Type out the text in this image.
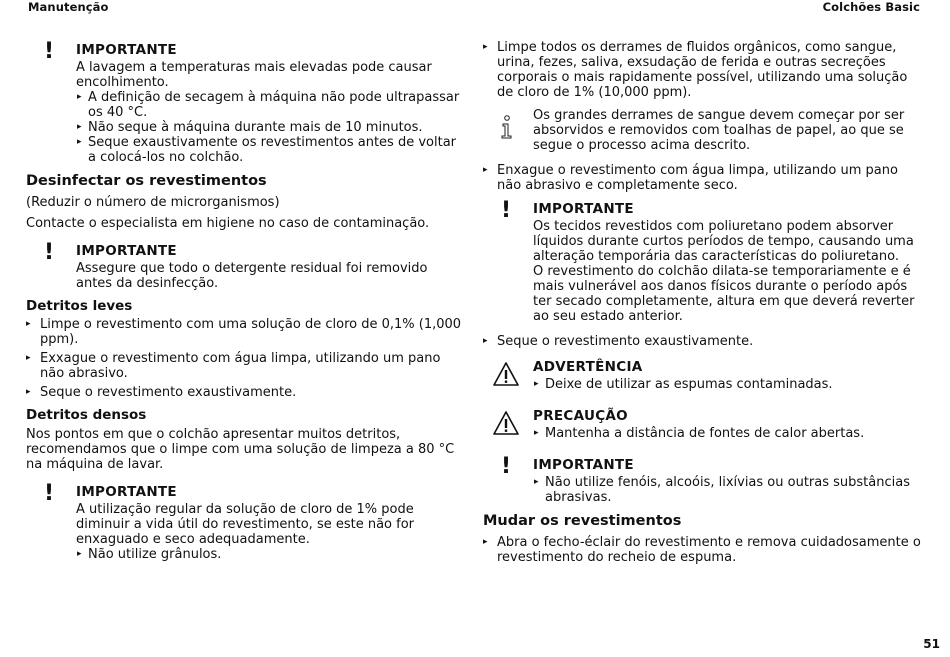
Manutenção	Colchões Basic
! IMPORTANTE
A lavagem a temperaturas mais elevadas pode causar encolhimento.
▸ A definição de secagem à máquina não pode ultrapassar os 40 °C.
▸ Não seque à máquina durante mais de 10 minutos.
▸ Seque exaustivamente os revestimentos antes de voltar a colocá-los no colchão.
Desinfectar os revestimentos
(Reduzir o número de microrganismos)
Contacte o especialista em higiene no caso de contaminação.
! IMPORTANTE
Assegure que todo o detergente residual foi removido antes da desinfecção.
Detritos leves
▸ Limpe o revestimento com uma solução de cloro de 0,1% (1,000 ppm).
▸ Exxague o revestimento com água limpa, utilizando um pano não abrasivo.
▸ Seque o revestimento exaustivamente.
Detritos densos
Nos pontos em que o colchão apresentar muitos detritos, recomendamos que o limpe com uma solução de limpeza a 80 °C na máquina de lavar.
! IMPORTANTE
A utilização regular da solução de cloro de 1% pode diminuir a vida útil do revestimento, se este não for enxaguado e seco adequadamente.
▸ Não utilize grânulos.
▸ Limpe todos os derrames de fluidos orgânicos, como sangue, urina, fezes, saliva, exsudação de ferida e outras secreções corporais o mais rapidamente possível, utilizando uma solução de cloro de 1% (10,000 ppm).
Os grandes derrames de sangue devem começar por ser absorvidos e removidos com toalhas de papel, ao que se segue o processo acima descrito.
▸ Enxague o revestimento com água limpa, utilizando um pano não abrasivo e completamente seco.
! IMPORTANTE
Os tecidos revestidos com poliuretano podem absorver líquidos durante curtos períodos de tempo, causando uma alteração temporária das características do poliuretano.
O revestimento do colchão dilata-se temporariamente e é mais vulnerável aos danos físicos durante o período após ter secado completamente, altura em que deverá reverter ao seu estado anterior.
▸ Seque o revestimento exaustivamente.
ADVERTÊNCIA
▸ Deixe de utilizar as espumas contaminadas.
PRECAUÇÃO
▸ Mantenha a distância de fontes de calor abertas.
! IMPORTANTE
▸ Não utilize fenóis, alcoóis, lixívias ou outras substâncias abrasivas.
Mudar os revestimentos
▸ Abra o fecho-éclair do revestimento e remova cuidadosamente o revestimento do recheio de espuma.
51
